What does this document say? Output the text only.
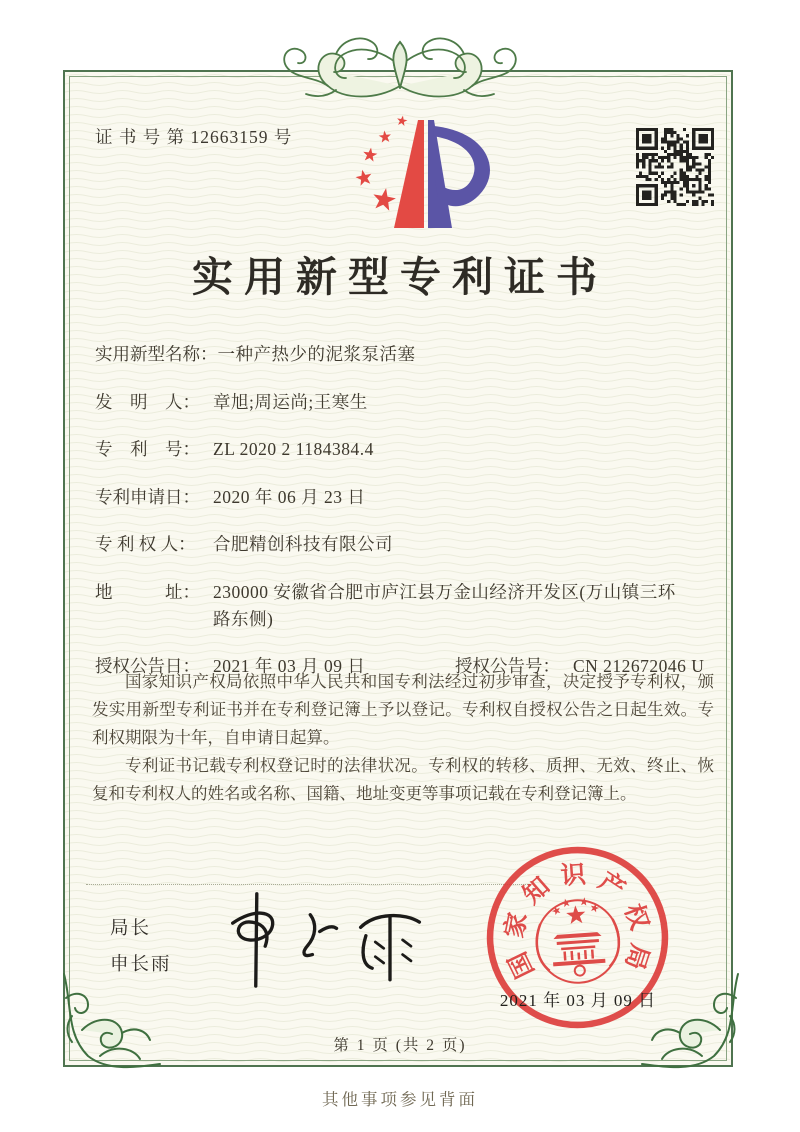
证 书 号 第 12663159 号
实用新型专利证书
实用新型名称： 一种产热少的泥浆泵活塞
发　明　人： 章旭;周运尚;王寒生
专　利　号： ZL 2020 2 1184384.4
专利申请日： 2020 年 06 月 23 日
专 利 权 人： 合肥精创科技有限公司
地　　　址： 230000 安徽省合肥市庐江县万金山经济开发区(万山镇三环路东侧)
授权公告日： 2021 年 03 月 09 日	授权公告号： CN 212672046 U

国家知识产权局依照中华人民共和国专利法经过初步审查，决定授予专利权，颁发实用新型专利证书并在专利登记簿上予以登记。专利权自授权公告之日起生效。专利权期限为十年，自申请日起算。

专利证书记载专利权登记时的法律状况。专利权的转移、质押、无效、终止、恢复和专利权人的姓名或名称、国籍、地址变更等事项记载在专利登记簿上。

局长
申长雨	国
家
知 识 产
权
局
2021 年 03 月 09 日
第 1 页 (共 2 页)
其他事项参见背面
